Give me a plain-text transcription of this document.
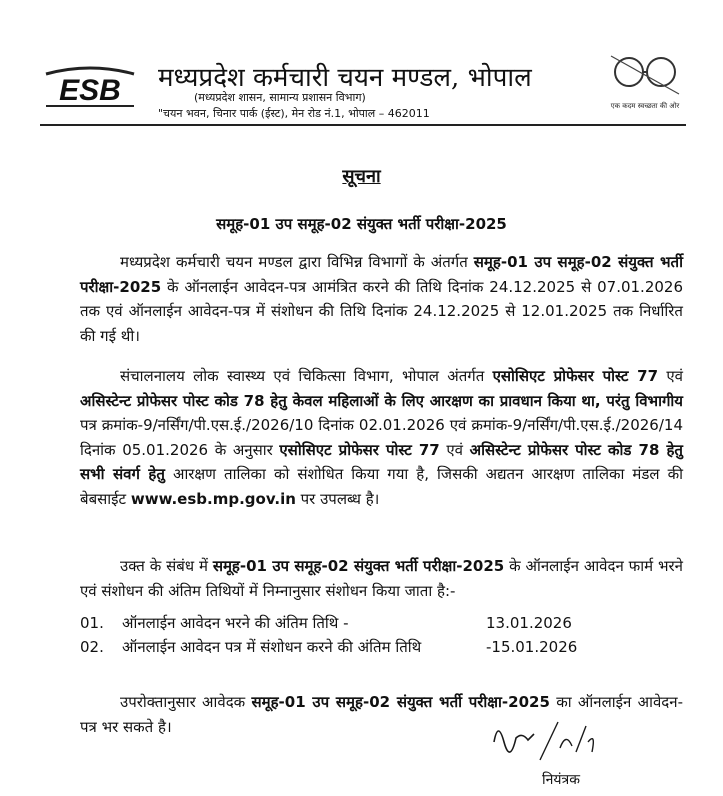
ESB मध्यप्रदेश कर्मचारी चयन मण्डल, भोपाल
(मध्यप्रदेश शासन, सामान्य प्रशासन विभाग)
"चयन भवन, चिनार पार्क (ईस्ट), मेन रोड नं.1, भोपाल – 462011
एक कदम स्वच्छता की ओर
सूचना
समूह-01 उप समूह-02 संयुक्त भर्ती परीक्षा-2025
मध्यप्रदेश कर्मचारी चयन मण्डल द्वारा विभिन्न विभागों के अंतर्गत समूह-01 उप समूह-02 संयुक्त भर्ती परीक्षा-2025 के ऑनलाईन आवेदन-पत्र आमंत्रित करने की तिथि दिनांक 24.12.2025 से 07.01.2026 तक एवं ऑनलाईन आवेदन-पत्र में संशोधन की तिथि दिनांक 24.12.2025 से 12.01.2025 तक निर्धारित की गई थी।
संचालनालय लोक स्वास्थ्य एवं चिकित्सा विभाग, भोपाल अंतर्गत एसोसिएट प्रोफेसर पोस्ट 77 एवं असिस्टेन्ट प्रोफेसर पोस्ट कोड 78 हेतु केवल महिलाओं के लिए आरक्षण का प्रावधान किया था, परंतु विभागीय पत्र क्रमांक-9/नर्सिंग/पी.एस.ई./2026/10 दिनांक 02.01.2026 एवं क्रमांक-9/नर्सिंग/पी.एस.ई./2026/14 दिनांक 05.01.2026 के अनुसार एसोसिएट प्रोफेसर पोस्ट 77 एवं असिस्टेन्ट प्रोफेसर पोस्ट कोड 78 हेतु सभी संवर्ग हेतु आरक्षण तालिका को संशोधित किया गया है, जिसकी अद्यतन आरक्षण तालिका मंडल की बेबसाईट www.esb.mp.gov.in पर उपलब्ध है।
उक्त के संबंध में समूह-01 उप समूह-02 संयुक्त भर्ती परीक्षा-2025 के ऑनलाईन आवेदन फार्म भरने एवं संशोधन की अंतिम तिथियों में निम्नानुसार संशोधन किया जाता है:-
01. ऑनलाईन आवेदन भरने की अंतिम तिथि -	13.01.2026
02. ऑनलाईन आवेदन पत्र में संशोधन करने की अंतिम तिथि	-15.01.2026
उपरोक्तानुसार आवेदक समूह-01 उप समूह-02 संयुक्त भर्ती परीक्षा-2025 का ऑनलाईन आवेदन-पत्र भर सकते है।
नियंत्रक
